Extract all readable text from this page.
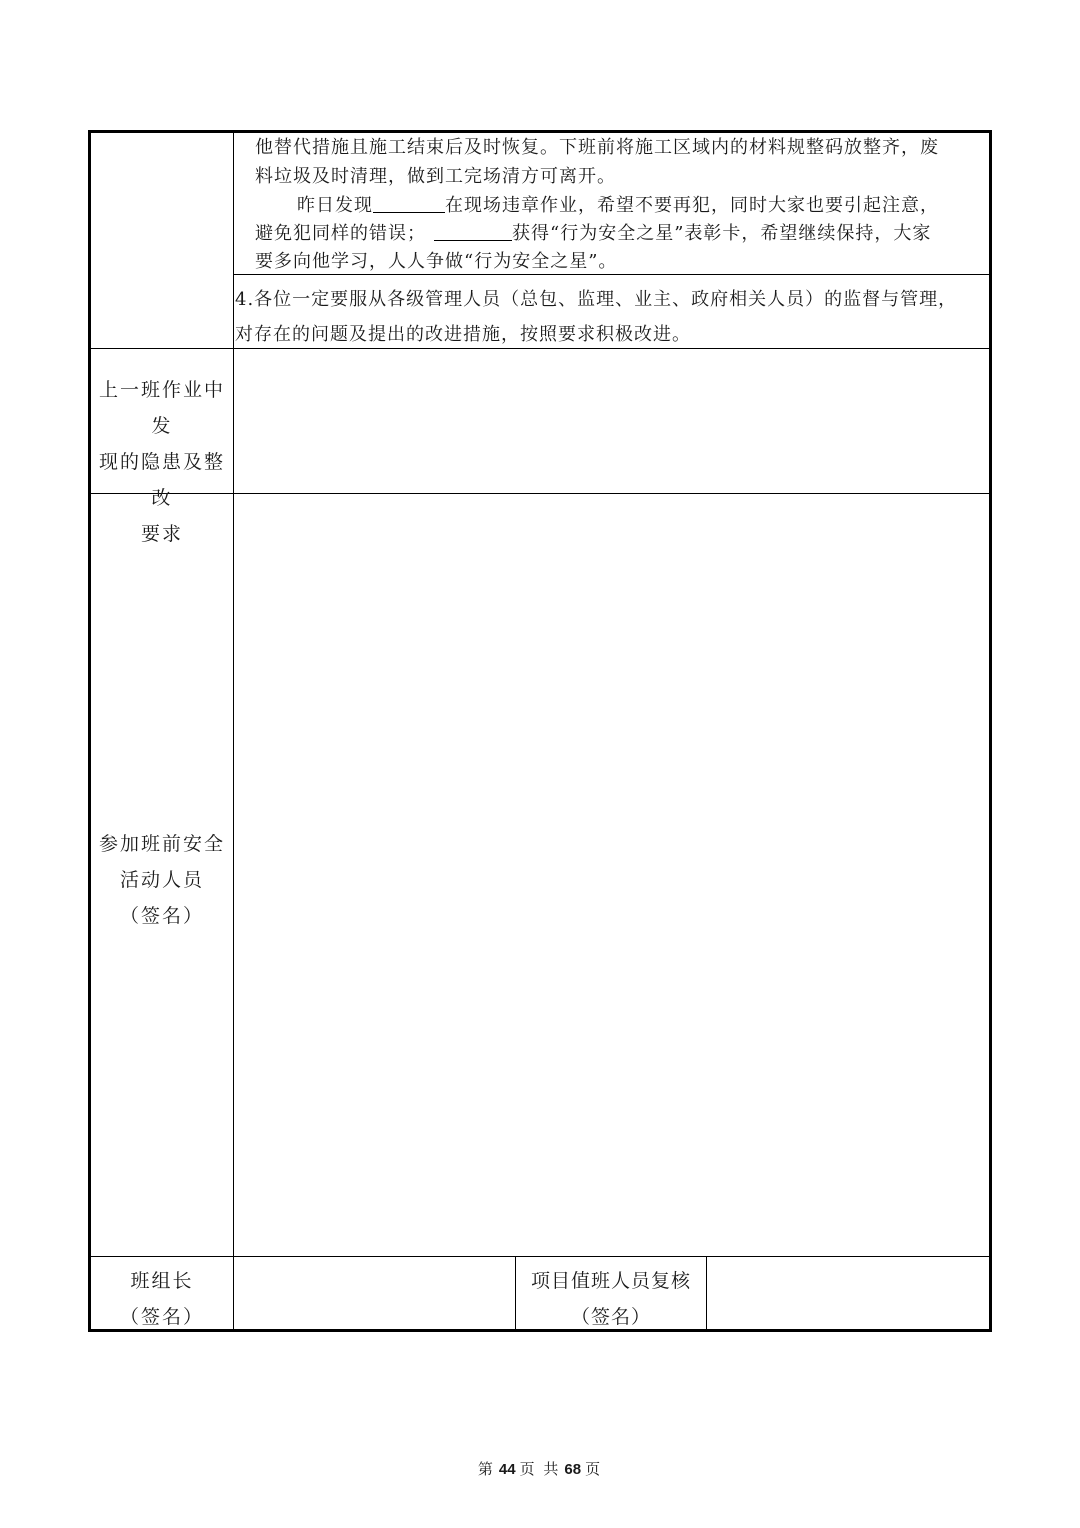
他替代措施且施工结束后及时恢复。下班前将施工区域内的材料规整码放整齐，废
料垃圾及时清理，做到工完场清方可离开。
昨日发现	在现场违章作业，希望不要再犯，同时大家也要引起注意，
避免犯同样的错误；	获得“行为安全之星”表彰卡，希望继续保持，大家
要多向他学习，人人争做“行为安全之星”。
4.各位一定要服从各级管理人员（总包、监理、业主、政府相关人员）的监督与管理，
对存在的问题及提出的改进措施，按照要求积极改进。
上一班作业中发
现的隐患及整改
要求
参加班前安全
活动人员
（签名）
班组长
（签名）
项目值班人员复核
（签名）
第 44 页 共 68 页
